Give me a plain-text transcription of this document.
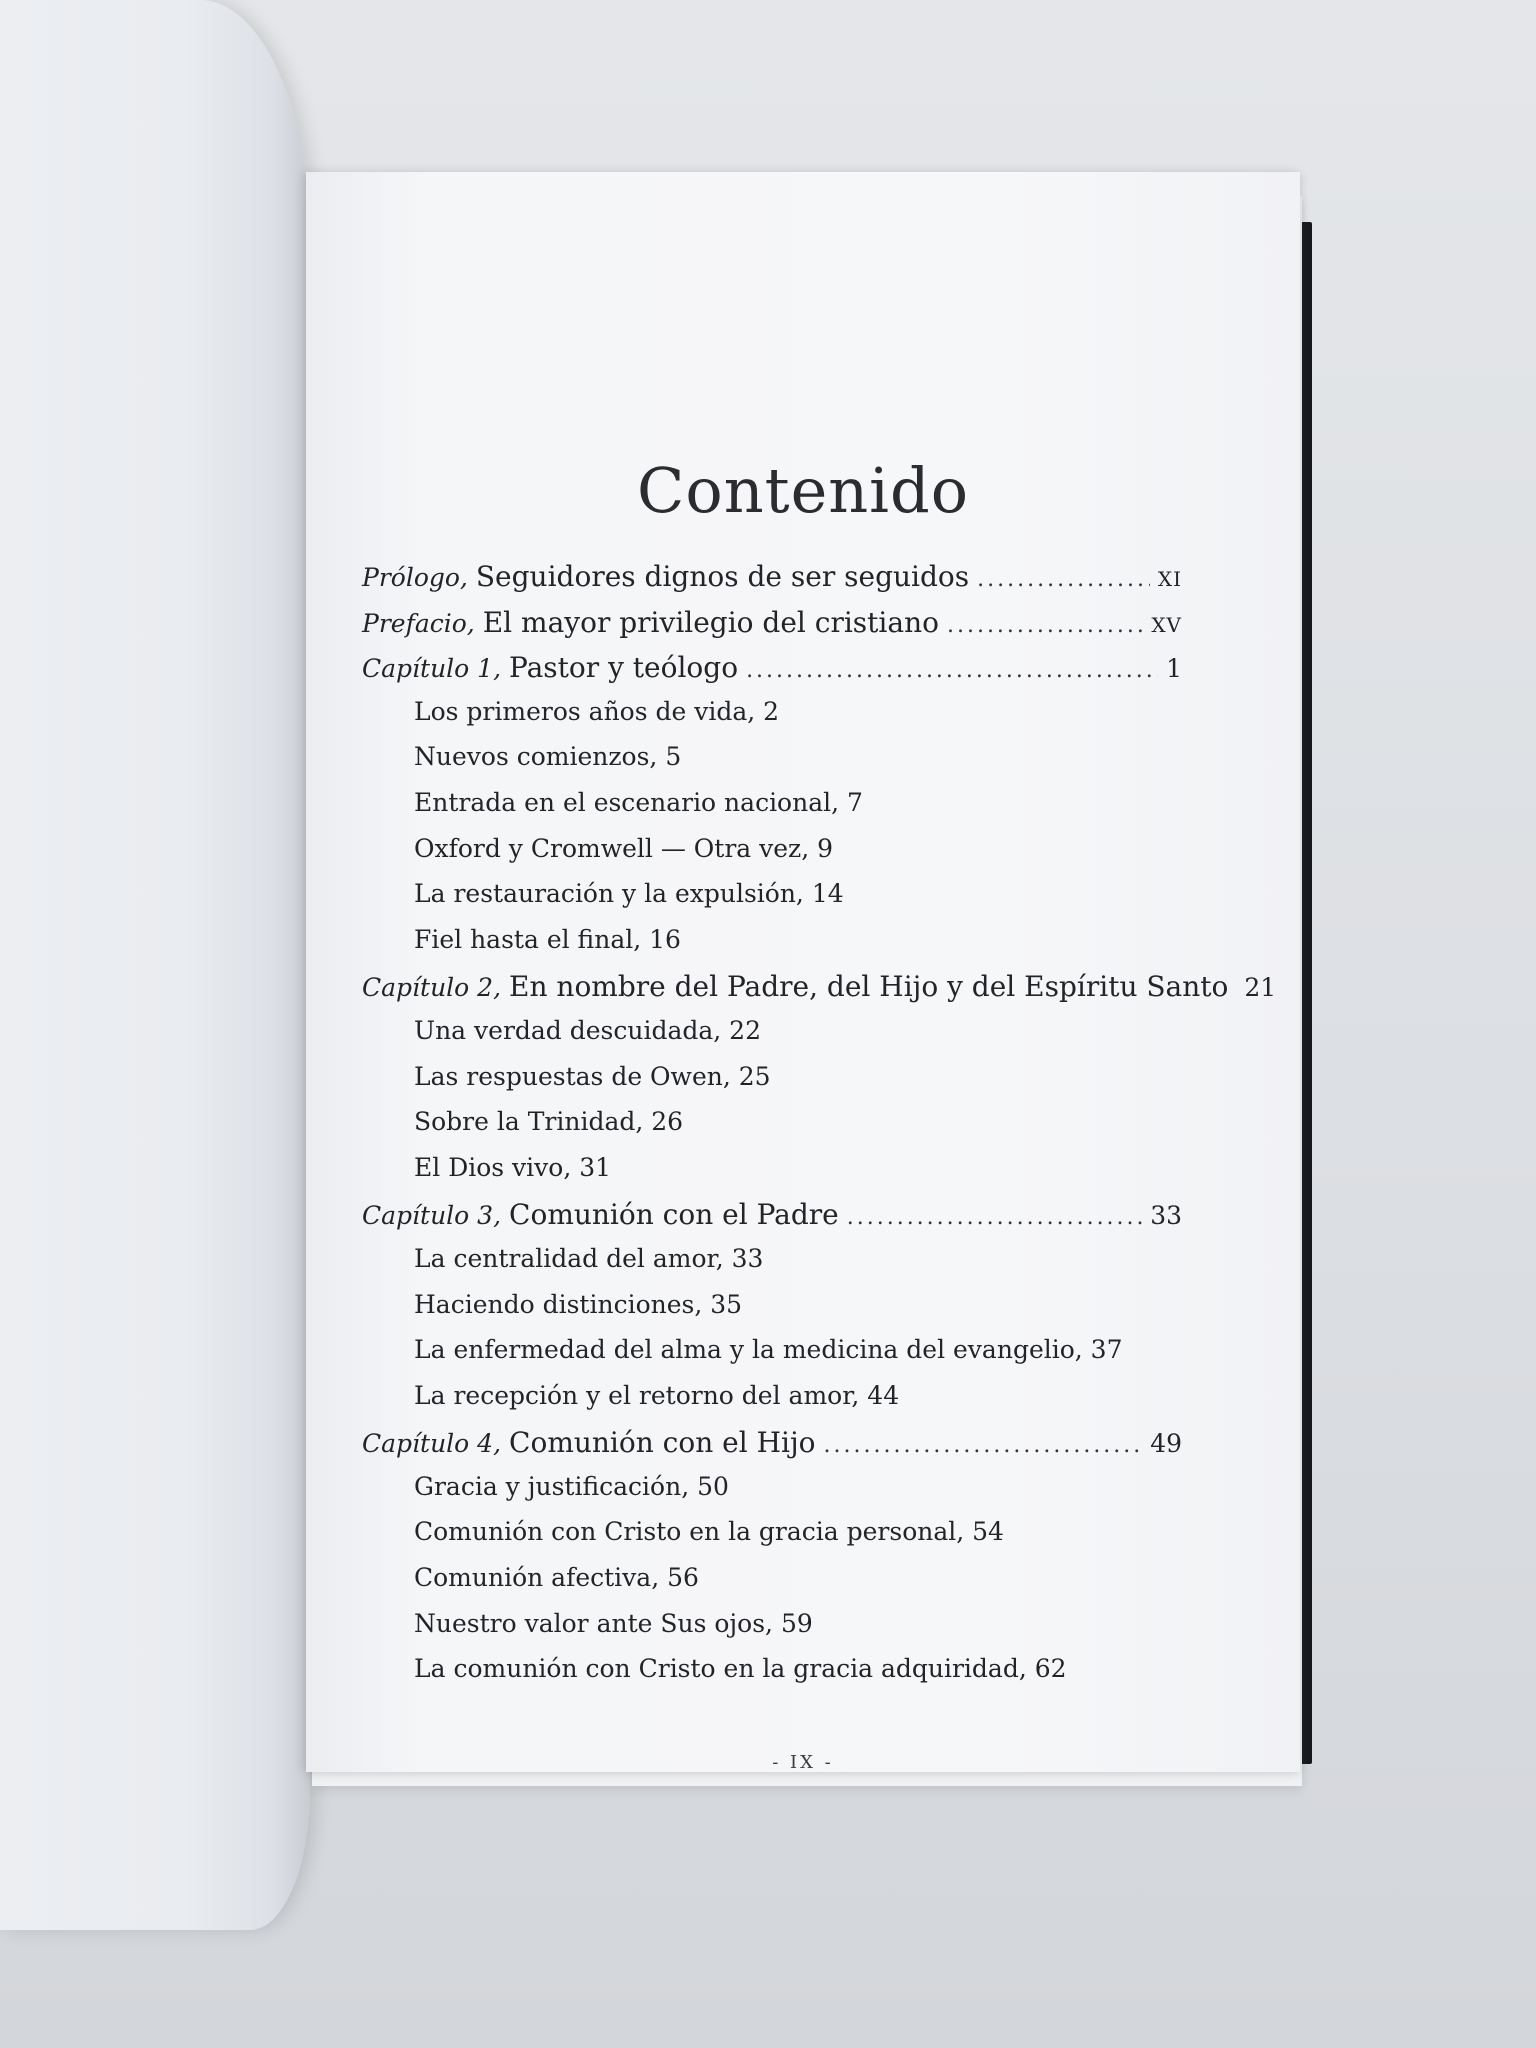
Contenido
Prólogo, Seguidores dignos de ser seguidos .....	XI
Prefacio, El mayor privilegio del cristiano .....	XV
Capítulo 1, Pastor y teólogo .....	1
Los primeros años de vida, 2
Nuevos comienzos, 5
Entrada en el escenario nacional, 7
Oxford y Cromwell — Otra vez, 9
La restauración y la expulsión, 14
Fiel hasta el final, 16
Capítulo 2, En nombre del Padre, del Hijo y del Espíritu Santo 21
Una verdad descuidada, 22
Las respuestas de Owen, 25
Sobre la Trinidad, 26
El Dios vivo, 31
Capítulo 3, Comunión con el Padre .....	33
La centralidad del amor, 33
Haciendo distinciones, 35
La enfermedad del alma y la medicina del evangelio, 37
La recepción y el retorno del amor, 44
Capítulo 4, Comunión con el Hijo .....	49
Gracia y justificación, 50
Comunión con Cristo en la gracia personal, 54
Comunión afectiva, 56
Nuestro valor ante Sus ojos, 59
La comunión con Cristo en la gracia adquiridad, 62
- IX -
